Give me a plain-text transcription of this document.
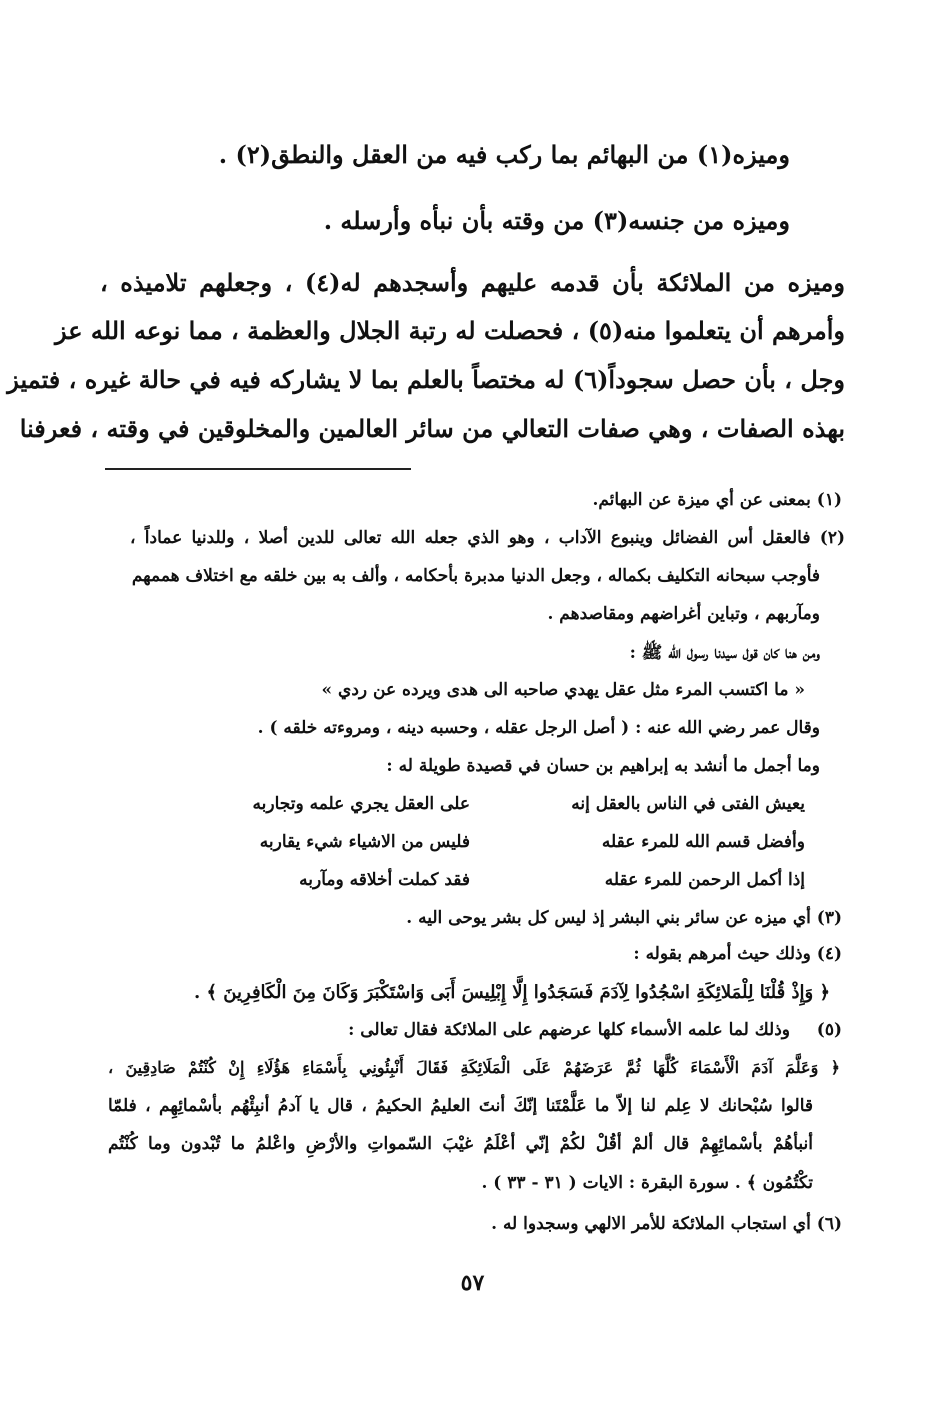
وميزه(١) من البهائم بما ركب فيه من العقل والنطق(٢) .
وميزه من جنسه(٣) من وقته بأن نبأه وأرسله .
وميزه من الملائكة بأن قدمه عليهم وأسجدهم له(٤) ، وجعلهم تلاميذه ،
وأمرهم أن يتعلموا منه(٥) ، فحصلت له رتبة الجلال والعظمة ، مما نوعه الله عز
وجل ، بأن حصل سجوداً(٦) له مختصاً بالعلم بما لا يشاركه فيه في حالة غيره ، فتميز
بهذه الصفات ، وهي صفات التعالي من سائر العالمين والمخلوقين في وقته ، فعرفنا
(١) بمعنى عن أي ميزة عن البهائم.
(٢) فالعقل أس الفضائل وينبوع الآداب ، وهو الذي جعله الله تعالى للدين أصلا ، وللدنيا عماداً ،
فأوجب سبحانه التكليف بكماله ، وجعل الدنيا مدبرة بأحكامه ، وألف به بين خلقه مع اختلاف هممهم
ومآربهم ، وتباين أغراضهم ومقاصدهم .
ومن هنا كان قول سيدنا رسول الله ﷺ :
« ما اكتسب المرء مثل عقل يهدي صاحبه الى هدى ويرده عن ردي »
وقال عمر رضي الله عنه : ( أصل الرجل عقله ، وحسبه دينه ، ومروءته خلقه ) .
وما أجمل ما أنشد به إبراهيم بن حسان في قصيدة طويلة له :
يعيش الفتى في الناس بالعقل إنه
على العقل يجري علمه وتجاربه
وأفضل قسم الله للمرء عقله
فليس من الاشياء شيء يقاربه
إذا أكمل الرحمن للمرء عقله
فقد كملت أخلاقه ومآربه
(٣) أي ميزه عن سائر بني البشر إذ ليس كل بشر يوحى اليه .
(٤) وذلك حيث أمرهم بقوله :
﴿ وَإِذْ قُلْنَا لِلْمَلائِكَةِ اسْجُدُوا لِآدَمَ فَسَجَدُوا إِلَّا إِبْلِيسَ أَبَى وَاسْتَكْبَرَ وَكَانَ مِنَ الْكَافِرِينَ ﴾ .
(٥)
وذلك لما علمه الأسماء كلها عرضهم على الملائكة فقال تعالى :
﴿ وَعَلَّمَ آدَمَ الْأَسْمَاءَ كُلَّهَا ثُمَّ عَرَضَهُمْ عَلَى الْمَلَائِكَةِ فَقَالَ أَنْبِئُونِي بِأَسْمَاءِ هَؤُلَاءِ إِنْ كُنْتُمْ صَادِقِينَ ،
قالوا سُبْحانك لا عِلم لنا إلاّ ما عَلَّمْتَنا إنّكَ أنتَ العليمُ الحكيمُ ، قال يا آدمُ أنبِئْهُم بأسْمائِهِم ، فلمّا
أنبأهُمْ بأسْمائِهِمْ قال ألمْ أقُلْ لكُمْ إنّي أعْلَمُ غيْبَ السّمواتِ والأرْضِ واعْلمُ ما تُبْدون وما كُنْتُم
تكْتُمُون ﴾ . سورة البقرة : الايات ( ٣١ - ٣٣ ) .
(٦) أي استجاب الملائكة للأمر الالهي وسجدوا له .
٥٧
